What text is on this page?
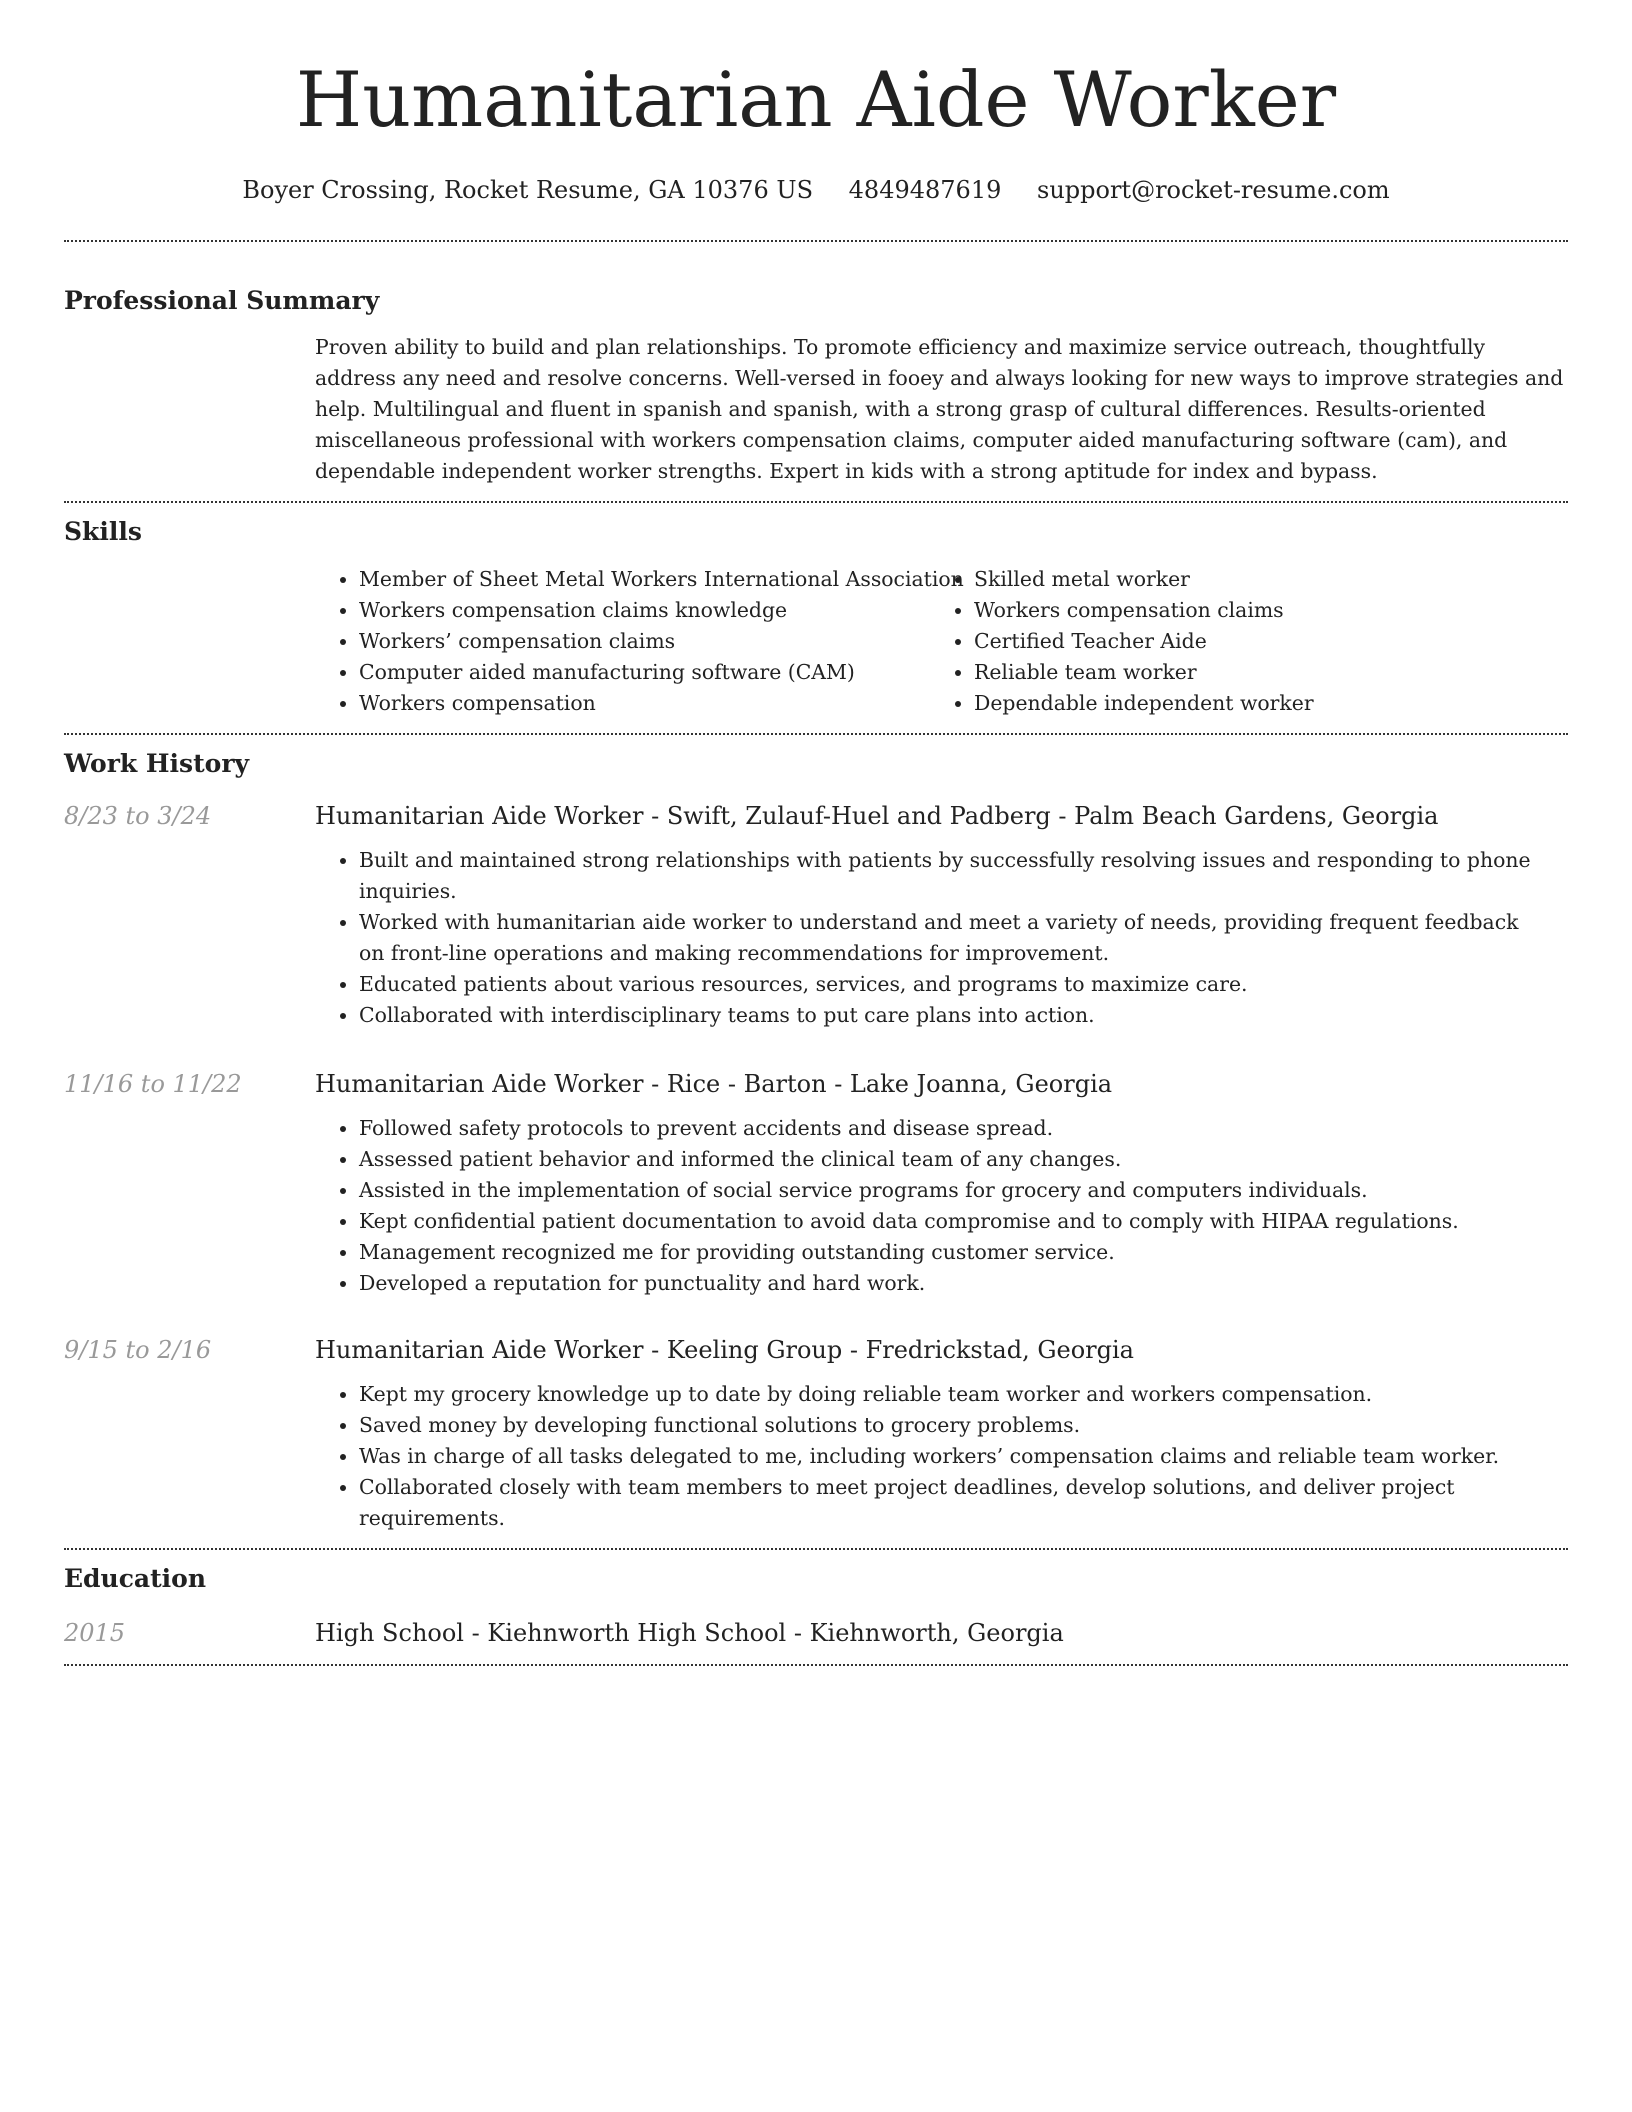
Humanitarian Aide Worker
Boyer Crossing, Rocket Resume, GA 10376 US 4849487619 support@rocket-resume.com
Professional Summary

Proven ability to build and plan relationships. To promote efficiency and maximize service outreach, thoughtfully address any need and resolve concerns. Well-versed in fooey and always looking for new ways to improve strategies and help. Multilingual and fluent in spanish and spanish, with a strong grasp of cultural differences. Results-oriented miscellaneous professional with workers compensation claims, computer aided manufacturing software (cam), and dependable independent worker strengths. Expert in kids with a strong aptitude for index and bypass.

Skills
• Member of Sheet Metal Workers International Association
• Workers compensation claims knowledge
• Workers’ compensation claims
• Computer aided manufacturing software (CAM)
• Workers compensation
• Skilled metal worker
• Workers compensation claims
• Certified Teacher Aide
• Reliable team worker
• Dependable independent worker
Work History
8/23 to 3/24	Humanitarian Aide Worker - Swift, Zulauf-Huel and Padberg - Palm Beach Gardens, Georgia
• Built and maintained strong relationships with patients by successfully resolving issues and responding to phone inquiries.
• Worked with humanitarian aide worker to understand and meet a variety of needs, providing frequent feedback on front-line operations and making recommendations for improvement.
• Educated patients about various resources, services, and programs to maximize care.
• Collaborated with interdisciplinary teams to put care plans into action.
11/16 to 11/22	Humanitarian Aide Worker - Rice - Barton - Lake Joanna, Georgia
• Followed safety protocols to prevent accidents and disease spread.
• Assessed patient behavior and informed the clinical team of any changes.
• Assisted in the implementation of social service programs for grocery and computers individuals.
• Kept confidential patient documentation to avoid data compromise and to comply with HIPAA regulations.
• Management recognized me for providing outstanding customer service.
• Developed a reputation for punctuality and hard work.
9/15 to 2/16	Humanitarian Aide Worker - Keeling Group - Fredrickstad, Georgia
• Kept my grocery knowledge up to date by doing reliable team worker and workers compensation.
• Saved money by developing functional solutions to grocery problems.
• Was in charge of all tasks delegated to me, including workers’ compensation claims and reliable team worker.
• Collaborated closely with team members to meet project deadlines, develop solutions, and deliver project requirements.
Education
2015	High School - Kiehnworth High School - Kiehnworth, Georgia
